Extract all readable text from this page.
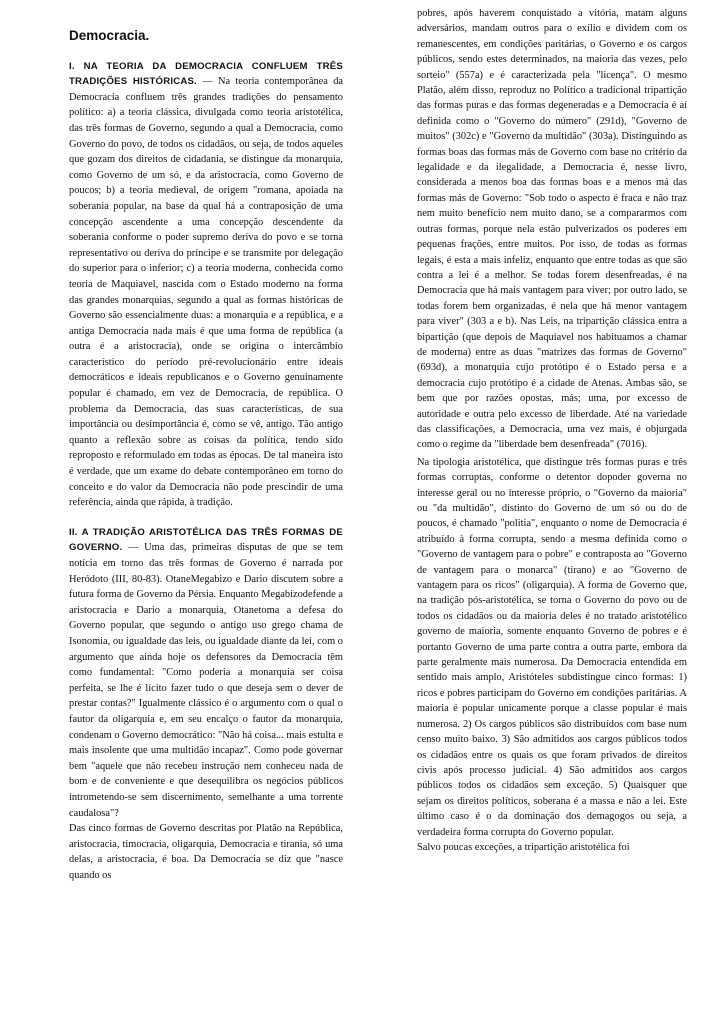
Democracia.

I. NA TEORIA DA DEMOCRACIA CONFLUEM TRÊS TRADIÇÕES HISTÓRICAS. — Na teoria contemporânea da Democracia confluem três grandes tradições do pensamento político: a) a teoria clássica, divulgada como teoria aristotélica, das três formas de Governo, segundo a qual a Democracia, como Governo do povo, de todos os cidadãos, ou seja, de todos aqueles que gozam dos direitos de cidadania, se distingue da monarquia, como Governo de um só, e da aristocracia, como Governo de poucos; b) a teoria medieval, de origem "romana, apoiada na soberania popular, na base da qual há a contraposição de uma concepção ascendente a uma concepção descendente da soberania conforme o poder supremo deriva do povo e se torna representativo ou deriva do príncipe e se transmite por delegação do superior para o inferior; c) a teoria moderna, conhecida como teoria de Maquiavel, nascida com o Estado moderno na forma das grandes monarquias, segundo a qual as formas históricas de Governo são essencialmente duas: a monarquia e a república, e a antiga Democracia nada mais é que uma forma de república (a outra é a aristocracia), onde se origina o intercâmbio característico do período pré-revolucionário entre ideais democráticos e ideais republicanos e o Governo genuinamente popular é chamado, em vez de Democracia, de república. O problema da Democracia, das suas características, de sua importância ou desimportância é, como se vê, antigo. Tão antigo quanto a reflexão sobre as coisas da política, tendo sido reproposto e reformulado em todas as épocas. De tal maneira isto é verdade, que um exame do debate contemporâneo em torno do conceito e do valor da Democracia não pode prescindir de uma referência, ainda que rápida, à tradição.

II. A TRADIÇÃO ARISTOTÉLICA DAS TRÊS FORMAS DE GOVERNO. — Uma das, primeiras disputas de que se tem notícia em torno das três formas de Governo é narrada por Heródoto (III, 80-83). OtaneMegabizo e Dario discutem sobre a futura forma de Governo da Pérsia. Enquanto Megabizodefende a aristocracia e Dario a monarquia, Otanetoma a defesa do Governo popular, que segundo o antigo uso grego chama de Isonomia, ou igualdade das leis, ou igualdade diante da lei, com o argumento que ainda hoje os defensores da Democracia têm como fundamental: "Como poderia a monarquia ser coisa perfeita, se lhe é lícito fazer tudo o que deseja sem o dever de prestar contas?" Igualmente clássico é o argumento com o qual o fautor da oligarquia e, em seu encalço o fautor da monarquia, condenam o Governo democrático: "Não há coisa... mais estulta e mais insolente que uma multidão incapaz". Como pode governar bem "aquele que não recebeu instrução nem conheceu nada de bom e de conveniente e que desequilibra os negócios públicos intrometendo-se sem discernimento, semelhante a uma torrente caudalosa"?

Das cinco formas de Governo descritas por Platão na República, aristocracia, timocracia, oligarquia, Democracia e tirania, só uma delas, a aristocracia, é boa. Da Democracia se diz que "nasce quando os

pobres, após haverem conquistado a vitória, matam alguns adversários, mandam outros para o exílio e dividem com os remanescentes, em condições paritárias, o Governo e os cargos públicos, sendo estes determinados, na maioria das vezes, pelo sorteio" (557a) e é caracterizada pela "licença". O mesmo Platão, além disso, reproduz no Político a tradicional tripartição das formas puras e das formas degeneradas e a Democracia é aí definida como o "Governo do número" (291d), "Governo de muitos" (302c) e "Governo da multidão" (303a). Distinguindo as formas boas das formas más de Governo com base no critério da legalidade e da ilegalidade, a Democracia é, nesse livro, considerada a menos boa das formas boas e a menos má das formas más de Governo: "Sob todo o aspecto é fraca e não traz nem muito benefício nem muito dano, se a compararmos com outras formas, porque nela estão pulverizados os poderes em pequenas frações, entre muitos. Por isso, de todas as formas legais, é esta a mais infeliz, enquanto que entre todas as que são contra a lei é a melhor. Se todas forem desenfreadas, é na Democracia que há mais vantagem para viver; por outro lado, se todas forem bem organizadas, é nela que há menor vantagem para viver" (303 a e b). Nas Leis, na tripartição clássica entra a bipartição (que depois de Maquiavel nos habituamos a chamar de moderna) entre as duas "matrizes das formas de Governo" (693d), a monarquia cujo protótipo é o Estado persa e a democracia cujo protótipo é a cidade de Atenas. Ambas são, se bem que por razões opostas, más; uma, por excesso de autoridade e outra pelo excesso de liberdade. Até na variedade das classificações, a Democracia, uma vez mais, é objurgada como o regime da "liberdade bem desenfreada" (7016).

Na tipologia aristotélica, que distingue três formas puras e três formas corruptas, conforme o detentor dopoder governa no interesse geral ou no interesse próprio, o "Governo da maioria" ou "da multidão", distinto do Governo de um só ou do de poucos, é chamado "politia", enquanto o nome de Democracia é atribuído à forma corrupta, sendo a mesma definida como o "Governo de vantagem para o pobre" e contraposta ao "Governo de vantagem para o monarca" (tirano) e ao "Governo de vantagem para os ricos" (oligarquia). A forma de Governo que, na tradição pós-aristotélica, se torna o Governo do povo ou de todos os cidadãos ou da maioria deles é no tratado aristotélico governo de maioria, somente enquanto Governo de pobres e é portanto Governo de uma parte contra a outra parte, embora da parte geralmente mais numerosa. Da Democracia entendida em sentido mais amplo, Aristóteles subdistingue cinco formas: 1) ricos e pobres participam do Governo em condições paritárias. A maioria é popular unicamente porque a classe popular é mais numerosa. 2) Os cargos públicos são distribuídos com base num censo muito baixo. 3) São admitidos aos cargos públicos todos os cidadãos entre os quais os que foram privados de direitos civis após processo judicial. 4) São admitidos aos cargos públicos todos os cidadãos sem exceção. 5) Quaisquer que sejam os direitos políticos, soberana é a massa e não a lei. Este último caso é o da dominação dos demagogos ou seja, a verdadeira forma corrupta do Governo popular.

Salvo poucas exceções, a tripartição aristotélica foi
